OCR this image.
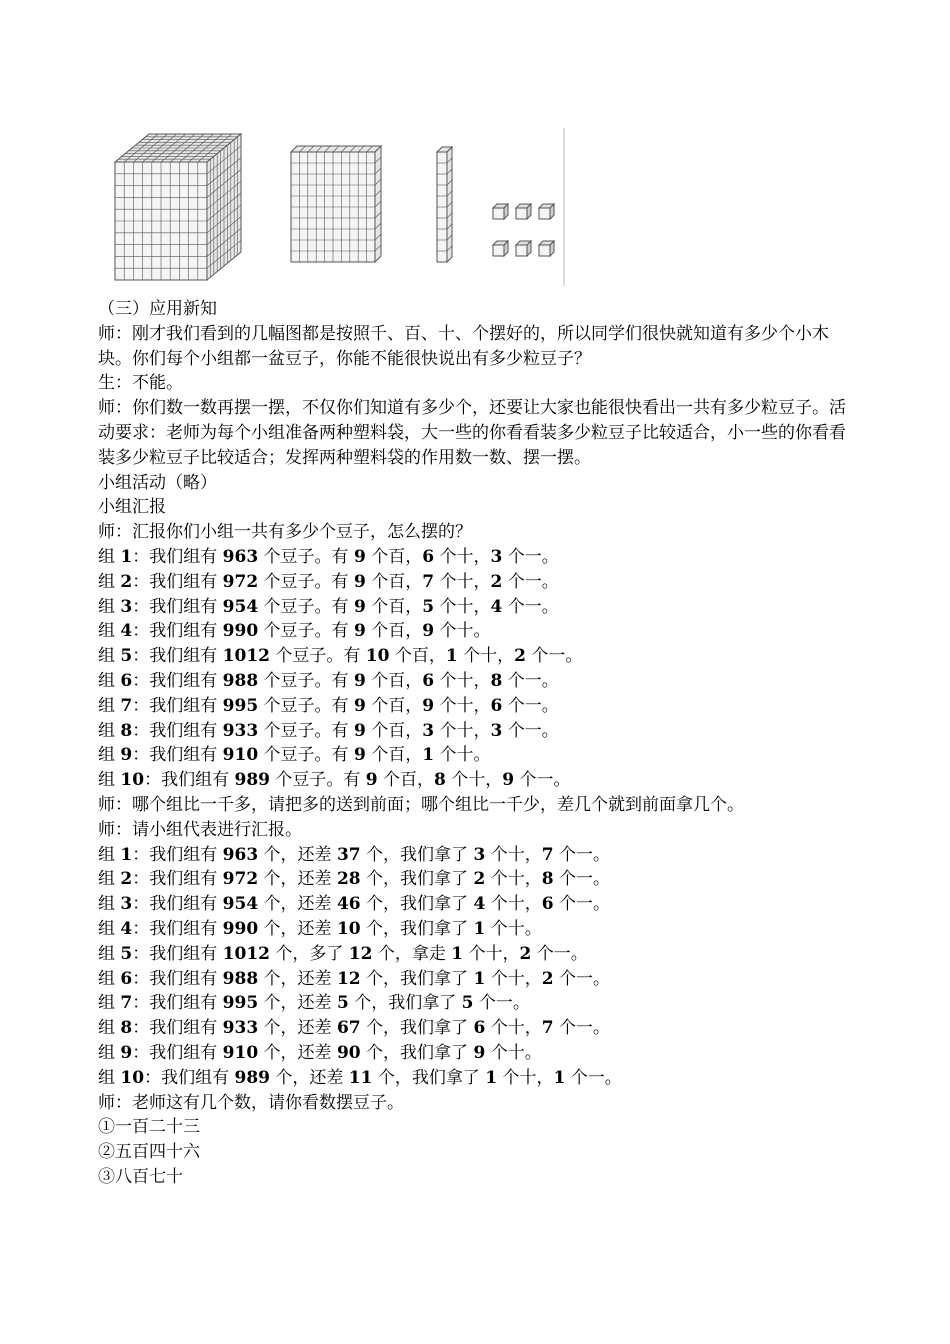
（三）应用新知
师：刚才我们看到的几幅图都是按照千、百、十、个摆好的，所以同学们很快就知道有多少个小木块。你们每个小组都一盆豆子，你能不能很快说出有多少粒豆子？
生：不能。
师：你们数一数再摆一摆，不仅你们知道有多少个，还要让大家也能很快看出一共有多少粒豆子。活动要求：老师为每个小组准备两种塑料袋，大一些的你看看装多少粒豆子比较适合，小一些的你看看装多少粒豆子比较适合；发挥两种塑料袋的作用数一数、摆一摆。
小组活动（略）
小组汇报
师：汇报你们小组一共有多少个豆子，怎么摆的？
组 1：我们组有 963 个豆子。有 9 个百，6 个十，3 个一。
组 2：我们组有 972 个豆子。有 9 个百，7 个十，2 个一。
组 3：我们组有 954 个豆子。有 9 个百，5 个十，4 个一。
组 4：我们组有 990 个豆子。有 9 个百，9 个十。
组 5：我们组有 1012 个豆子。有 10 个百，1 个十，2 个一。
组 6：我们组有 988 个豆子。有 9 个百，6 个十，8 个一。
组 7：我们组有 995 个豆子。有 9 个百，9 个十，6 个一。
组 8：我们组有 933 个豆子。有 9 个百，3 个十，3 个一。
组 9：我们组有 910 个豆子。有 9 个百，1 个十。
组 10：我们组有 989 个豆子。有 9 个百，8 个十，9 个一。
师：哪个组比一千多，请把多的送到前面；哪个组比一千少，差几个就到前面拿几个。
师：请小组代表进行汇报。
组 1：我们组有 963 个，还差 37 个，我们拿了 3 个十，7 个一。
组 2：我们组有 972 个，还差 28 个，我们拿了 2 个十，8 个一。
组 3：我们组有 954 个，还差 46 个，我们拿了 4 个十，6 个一。
组 4：我们组有 990 个，还差 10 个，我们拿了 1 个十。
组 5：我们组有 1012 个，多了 12 个，拿走 1 个十，2 个一。
组 6：我们组有 988 个，还差 12 个，我们拿了 1 个十，2 个一。
组 7：我们组有 995 个，还差 5 个，我们拿了 5 个一。
组 8：我们组有 933 个，还差 67 个，我们拿了 6 个十，7 个一。
组 9：我们组有 910 个，还差 90 个，我们拿了 9 个十。
组 10：我们组有 989 个，还差 11 个，我们拿了 1 个十，1 个一。
师：老师这有几个数，请你看数摆豆子。
①一百二十三
②五百四十六
③八百七十
